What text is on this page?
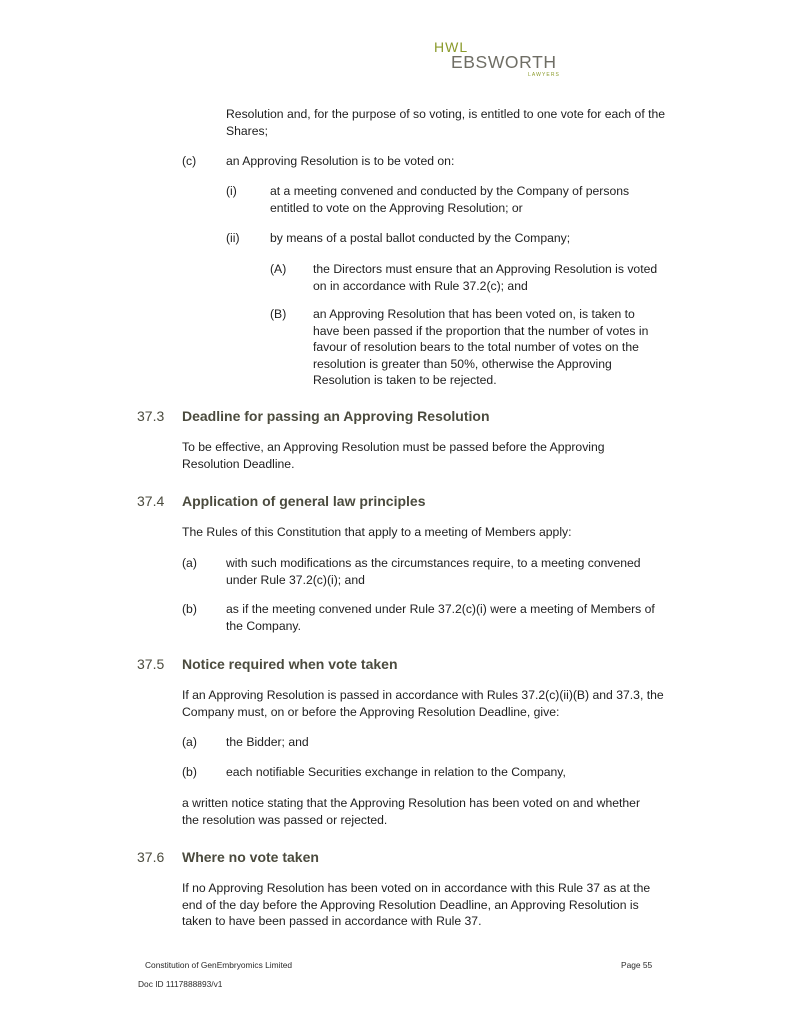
HWL
EBSWORTH
LAWYERS
Resolution and, for the purpose of so voting, is entitled to one vote for each of the Shares;
(c) an Approving Resolution is to be voted on:
(i)	at a meeting convened and conducted by the Company of persons entitled to vote on the Approving Resolution; or
(ii) by means of a postal ballot conducted by the Company;
(A) the Directors must ensure that an Approving Resolution is voted on in accordance with Rule 37.2(c); and
(B) an Approving Resolution that has been voted on, is taken to have been passed if the proportion that the number of votes in favour of resolution bears to the total number of votes on the resolution is greater than 50%, otherwise the Approving Resolution is taken to be rejected.
37.3 Deadline for passing an Approving Resolution
To be effective, an Approving Resolution must be passed before the Approving Resolution Deadline.
37.4 Application of general law principles
The Rules of this Constitution that apply to a meeting of Members apply:
(a) with such modifications as the circumstances require, to a meeting convened under Rule 37.2(c)(i); and
(b) as if the meeting convened under Rule 37.2(c)(i) were a meeting of Members of the Company.
37.5 Notice required when vote taken
If an Approving Resolution is passed in accordance with Rules 37.2(c)(ii)(B) and 37.3, the Company must, on or before the Approving Resolution Deadline, give:
(a) the Bidder; and
(b) each notifiable Securities exchange in relation to the Company,
a written notice stating that the Approving Resolution has been voted on and whether the resolution was passed or rejected.
37.6 Where no vote taken
If no Approving Resolution has been voted on in accordance with this Rule 37 as at the end of the day before the Approving Resolution Deadline, an Approving Resolution is taken to have been passed in accordance with Rule 37.
Constitution of GenEmbryomics Limited	Page 55
Doc ID 1117888893/v1
